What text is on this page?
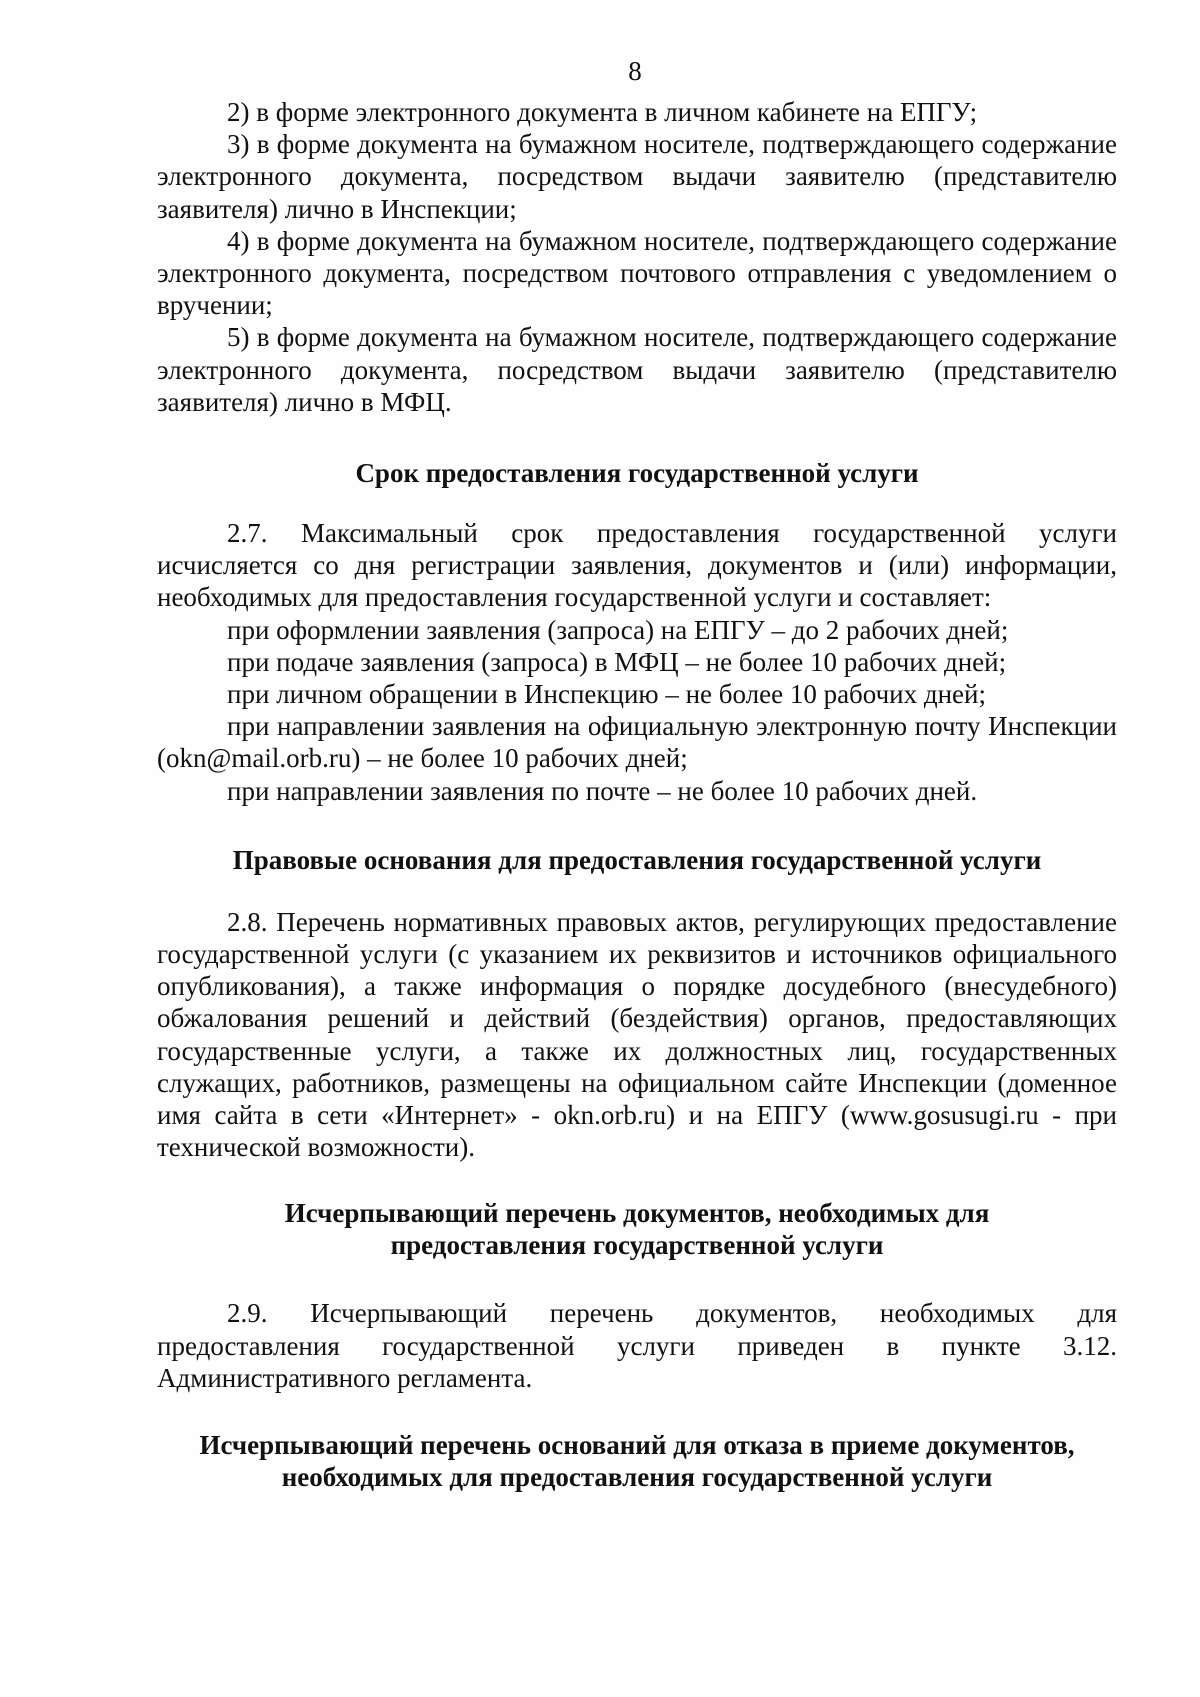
8

2) в форме электронного документа в личном кабинете на ЕПГУ;

3) в форме документа на бумажном носителе, подтверждающего содержание электронного документа, посредством выдачи заявителю (представителю заявителя) лично в Инспекции;

4) в форме документа на бумажном носителе, подтверждающего содержание электронного документа, посредством почтового отправления с уведомлением о вручении;

5) в форме документа на бумажном носителе, подтверждающего содержание электронного документа, посредством выдачи заявителю (представителю заявителя) лично в МФЦ.

Срок предоставления государственной услуги

2.7. Максимальный срок предоставления государственной услуги исчисляется со дня регистрации заявления, документов и (или) информации, необходимых для предоставления государственной услуги и составляет:

при оформлении заявления (запроса) на ЕПГУ – до 2 рабочих дней;

при подаче заявления (запроса) в МФЦ – не более 10 рабочих дней;

при личном обращении в Инспекцию – не более 10 рабочих дней;

при направлении заявления на официальную электронную почту Инспекции (okn@mail.orb.ru) – не более 10 рабочих дней;

при направлении заявления по почте – не более 10 рабочих дней.

Правовые основания для предоставления государственной услуги

2.8. Перечень нормативных правовых актов, регулирующих предоставление государственной услуги (с указанием их реквизитов и источников официального опубликования), а также информация о порядке досудебного (внесудебного) обжалования решений и действий (бездействия) органов, предоставляющих государственные услуги, а также их должностных лиц, государственных служащих, работников, размещены на официальном сайте Инспекции (доменное имя сайта в сети «Интернет» - okn.orb.ru) и на ЕПГУ (www.gosusugi.ru - при технической возможности).

Исчерпывающий перечень документов, необходимых для
предоставления государственной услуги

2.9. Исчерпывающий перечень документов, необходимых для предоставления государственной услуги приведен в пункте 3.12. Административного регламента.

Исчерпывающий перечень оснований для отказа в приеме документов,
необходимых для предоставления государственной услуги
